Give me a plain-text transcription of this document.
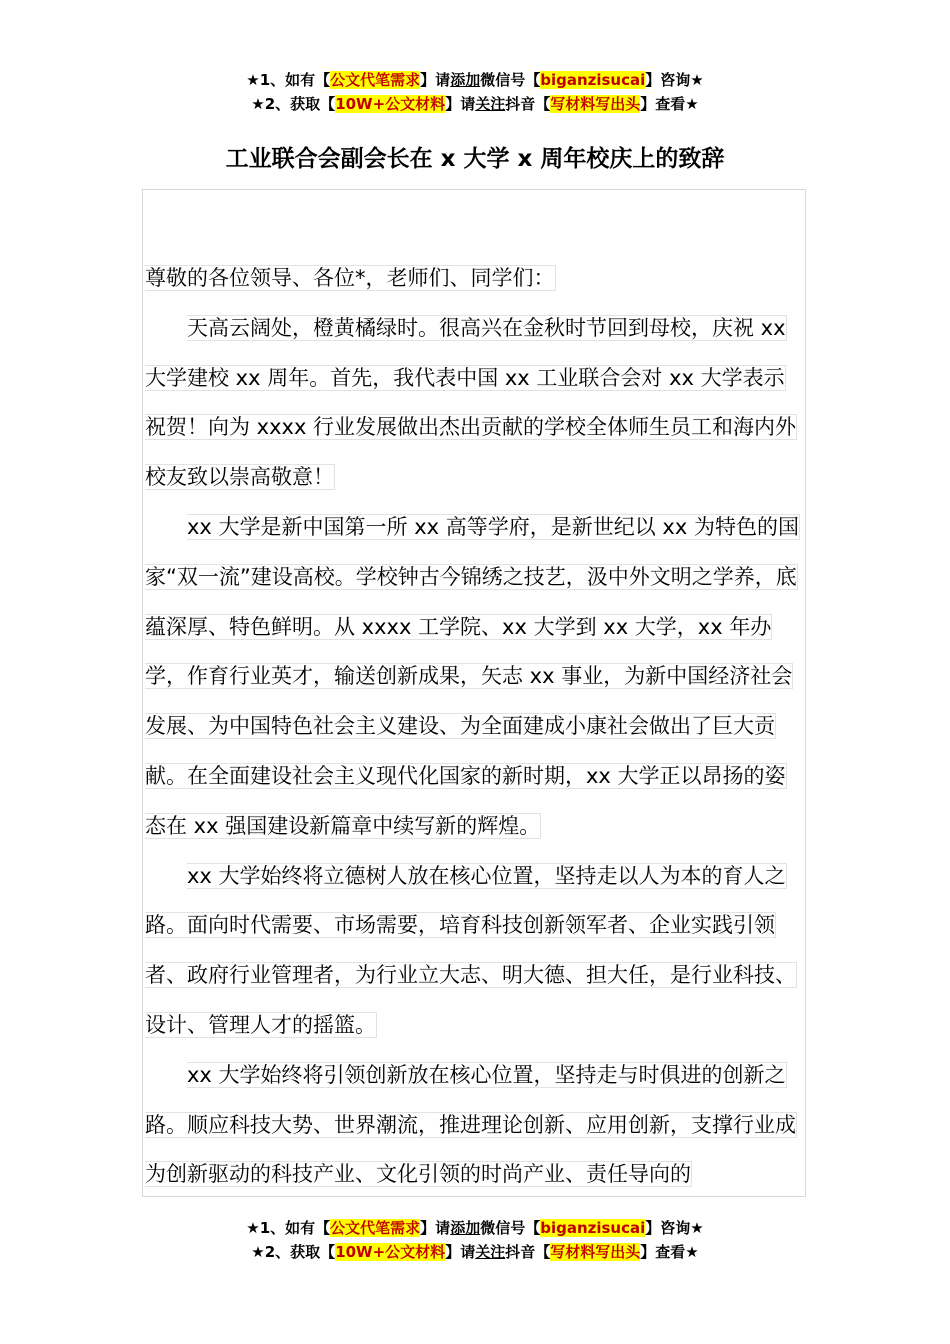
★1、如有【公文代笔需求】请添加微信号【biganzisucai】咨询★
★2、获取【10W+公文材料】请关注抖音【写材料写出头】查看★
工业联合会副会长在 x 大学 x 周年校庆上的致辞

尊敬的各位领导、各位*，老师们、同学们：

天高云阔处，橙黄橘绿时。很高兴在金秋时节回到母校，庆祝 xx 大学建校 xx 周年。首先，我代表中国 xx 工业联合会对 xx 大学表示祝贺！向为 xxxx 行业发展做出杰出贡献的学校全体师生员工和海内外校友致以崇高敬意！

xx 大学是新中国第一所 xx 高等学府，是新世纪以 xx 为特色的国家“双一流”建设高校。学校钟古今锦绣之技艺，汲中外文明之学养，底蕴深厚、特色鲜明。从 xxxx 工学院、xx 大学到 xx 大学，xx 年办学，作育行业英才，输送创新成果，矢志 xx 事业，为新中国经济社会发展、为中国特色社会主义建设、为全面建成小康社会做出了巨大贡献。在全面建设社会主义现代化国家的新时期，xx 大学正以昂扬的姿态在 xx 强国建设新篇章中续写新的辉煌。

xx 大学始终将立德树人放在核心位置，坚持走以人为本的育人之路。面向时代需要、市场需要，培育科技创新领军者、企业实践引领者、政府行业管理者，为行业立大志、明大德、担大任，是行业科技、设计、管理人才的摇篮。

xx 大学始终将引领创新放在核心位置，坚持走与时俱进的创新之路。顺应科技大势、世界潮流，推进理论创新、应用创新，支撑行业成为创新驱动的科技产业、文化引领的时尚产业、责任导向的

★1、如有【公文代笔需求】请添加微信号【biganzisucai】咨询★
★2、获取【10W+公文材料】请关注抖音【写材料写出头】查看★
